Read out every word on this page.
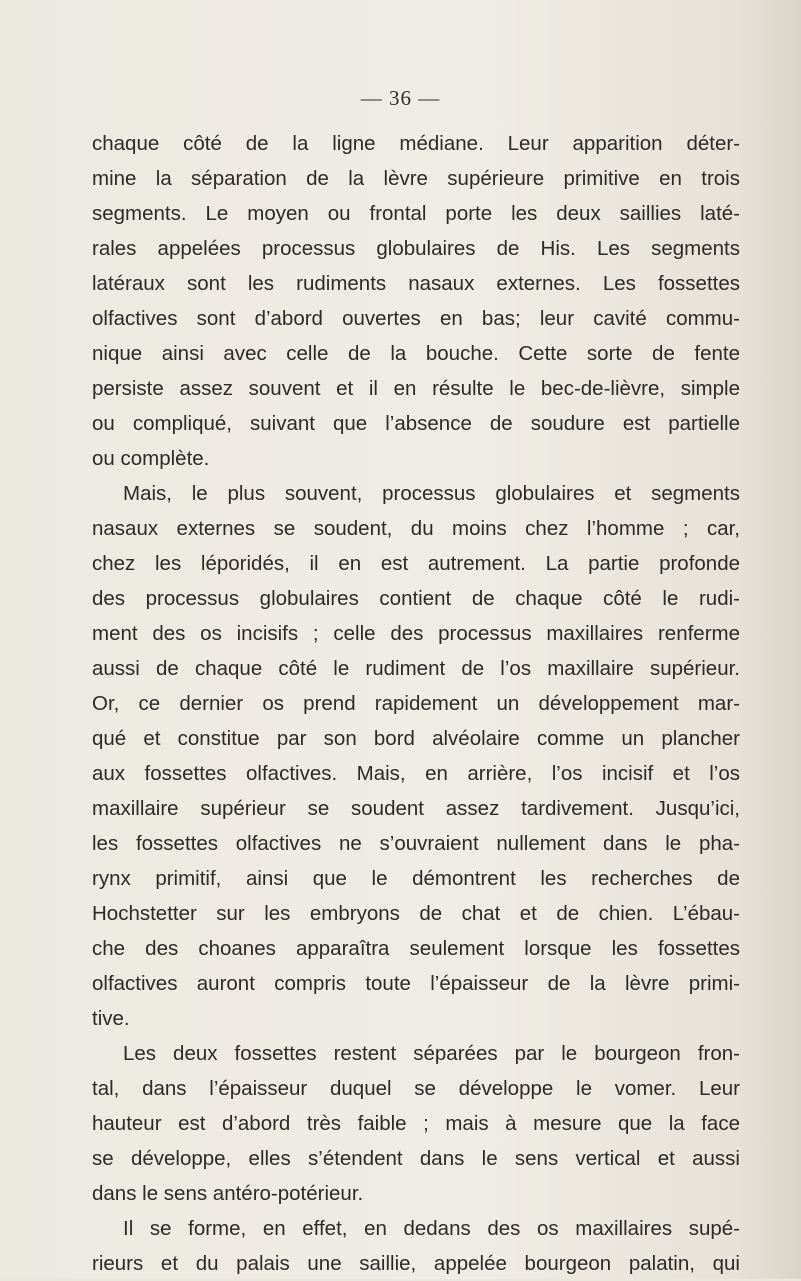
— 36 —
chaque côté de la ligne médiane. Leur apparition déter-
mine la séparation de la lèvre supérieure primitive en trois
segments. Le moyen ou frontal porte les deux saillies laté-
rales appelées processus globulaires de His. Les segments
latéraux sont les rudiments nasaux externes. Les fossettes
olfactives sont d’abord ouvertes en bas; leur cavité commu-
nique ainsi avec celle de la bouche. Cette sorte de fente
persiste assez souvent et il en résulte le bec-de-lièvre, simple
ou compliqué, suivant que l’absence de soudure est partielle
ou complète.
Mais, le plus souvent, processus globulaires et segments
nasaux externes se soudent, du moins chez l’homme ; car,
chez les léporidés, il en est autrement. La partie profonde
des processus globulaires contient de chaque côté le rudi-
ment des os incisifs ; celle des processus maxillaires renferme
aussi de chaque côté le rudiment de l’os maxillaire supérieur.
Or, ce dernier os prend rapidement un développement mar-
qué et constitue par son bord alvéolaire comme un plancher
aux fossettes olfactives. Mais, en arrière, l’os incisif et l’os
maxillaire supérieur se soudent assez tardivement. Jusqu’ici,
les fossettes olfactives ne s’ouvraient nullement dans le pha-
rynx primitif, ainsi que le démontrent les recherches de
Hochstetter sur les embryons de chat et de chien. L’ébau-
che des choanes apparaîtra seulement lorsque les fossettes
olfactives auront compris toute l’épaisseur de la lèvre primi-
tive.
Les deux fossettes restent séparées par le bourgeon fron-
tal, dans l’épaisseur duquel se développe le vomer. Leur
hauteur est d’abord très faible ; mais à mesure que la face
se développe, elles s’étendent dans le sens vertical et aussi
dans le sens antéro-potérieur.
Il se forme, en effet, en dedans des os maxillaires supé-
rieurs et du palais une saillie, appelée bourgeon palatin, qui
